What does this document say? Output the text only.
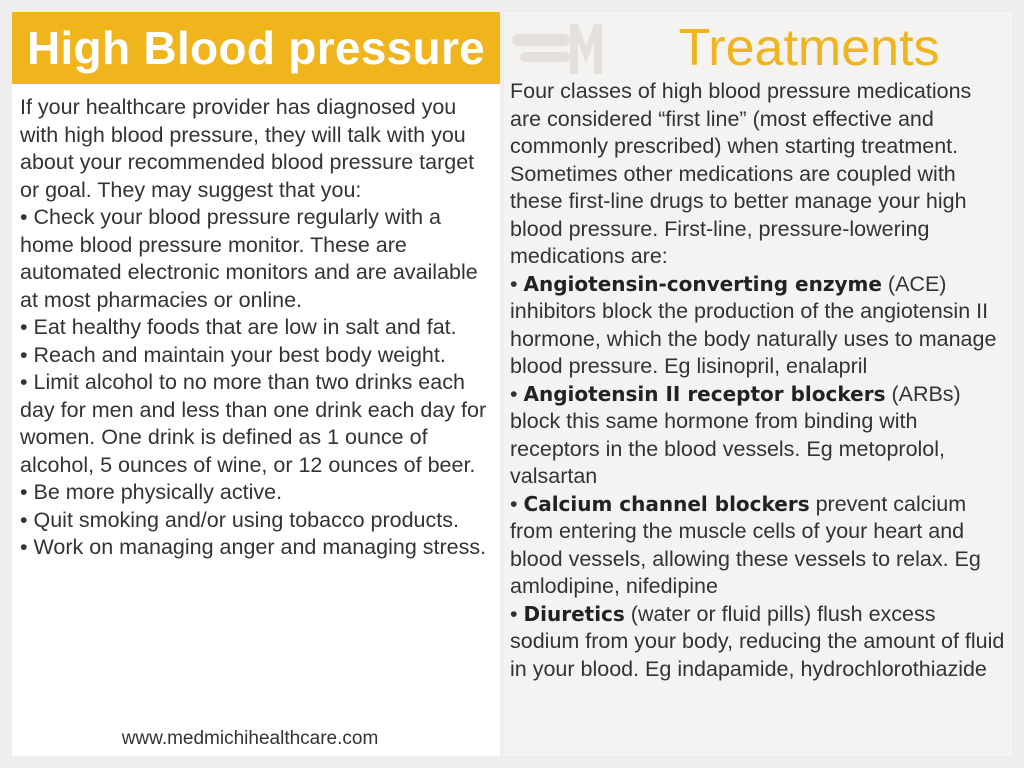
High Blood pressure

If your healthcare provider has diagnosed you with high blood pressure, they will talk with you about your recommended blood pressure target or goal. They may suggest that you:

• Check your blood pressure regularly with a home blood pressure monitor. These are automated electronic monitors and are available at most pharmacies or online.

• Eat healthy foods that are low in salt and fat.

• Reach and maintain your best body weight.

• Limit alcohol to no more than two drinks each day for men and less than one drink each day for women. One drink is defined as 1 ounce of alcohol, 5 ounces of wine, or 12 ounces of beer.

• Be more physically active.

• Quit smoking and/or using tobacco products.

• Work on managing anger and managing stress.

www.medmichihealthcare.com
Treatments

Four classes of high blood pressure medications are considered “first line” (most effective and commonly prescribed) when starting treatment. Sometimes other medications are coupled with these first-line drugs to better manage your high blood pressure. First-line, pressure-lowering medications are:

• Angiotensin-converting enzyme (ACE) inhibitors block the production of the angiotensin II hormone, which the body naturally uses to manage blood pressure. Eg lisinopril, enalapril

• Angiotensin II receptor blockers (ARBs) block this same hormone from binding with receptors in the blood vessels. Eg metoprolol, valsartan

• Calcium channel blockers prevent calcium from entering the muscle cells of your heart and blood vessels, allowing these vessels to relax. Eg amlodipine, nifedipine

• Diuretics (water or fluid pills) flush excess sodium from your body, reducing the amount of fluid in your blood. Eg indapamide, hydrochlorothiazide
